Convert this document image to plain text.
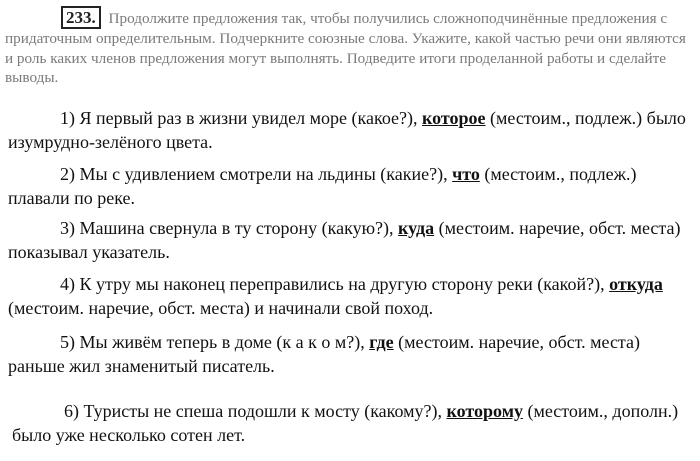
233. Продолжите предложения так, чтобы получились сложноподчинённые предложения с придаточным определительным. Подчеркните союзные слова. Укажите, какой частью речи они являются и роль каких членов предложения могут выполнять. Подведите итоги проделанной работы и сделайте выводы.
1) Я первый раз в жизни увидел море (какое?), которое (местоим., подлеж.) было изумрудно-зелёного цвета.
2) Мы с удивлением смотрели на льдины (какие?), что (местоим., подлеж.) плавали по реке.
3) Машина свернула в ту сторону (какую?), куда (местоим. наречие, обст. места) показывал указатель.
4) К утру мы наконец переправились на другую сторону реки (какой?), откуда (местоим. наречие, обст. места) и начинали свой поход.
5) Мы живём теперь в доме (к а к о м?), где (местоим. наречие, обст. места) раньше жил знаменитый писатель.
6) Туристы не спеша подошли к мосту (какому?), которому (местоим., дополн.) было уже несколько сотен лет.
